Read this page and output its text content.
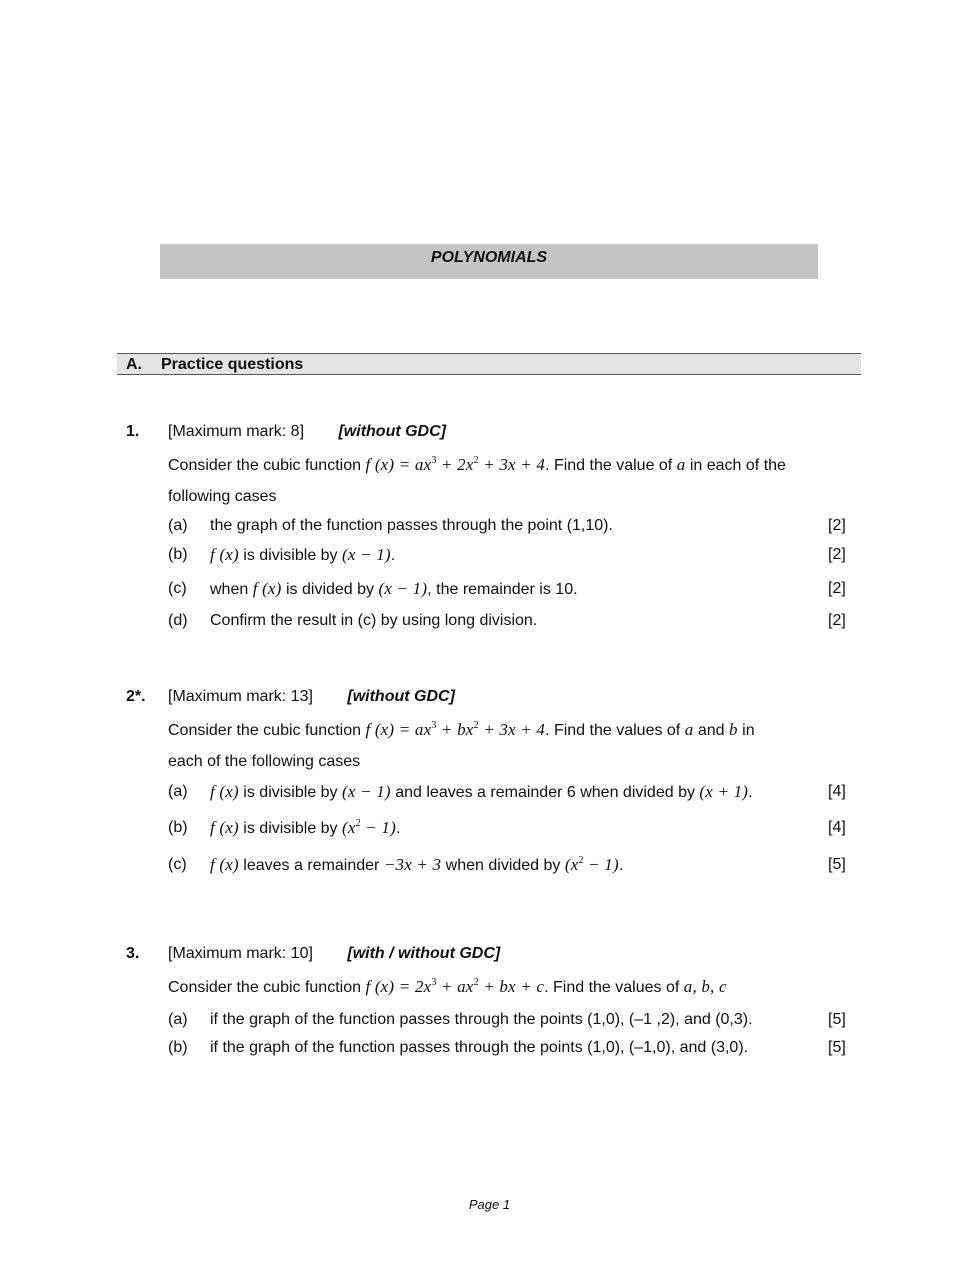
POLYNOMIALS
A. Practice questions
1. [Maximum mark: 8] [without GDC]
Consider the cubic function f $(x) = ax^3 + 2x^2 + 3x + 4$. Find the value of a in each of the
following cases
(a) the graph of the function passes through the point (1,10).	[2]
(b) f (x) is divisible by (x − 1).	[2]
(c) when f (x) is divided by (x − 1), the remainder is 10.	[2]
(d) Confirm the result in (c) by using long division.	[2]
2*. [Maximum mark: 13] [without GDC]
Consider the cubic function f $(x) = ax^3 + bx^2 + 3x + 4$. Find the values of a and b in
each of the following cases
(a) f (x) is divisible by (x − 1) and leaves a remainder 6 when divided by (x + 1).	[4]
(b) f (x) is divisible by $(x^2 - 1)$.	[4]
(c) f (x) leaves a remainder −3x + 3 when divided by $(x^2 - 1)$.	[5]
3. [Maximum mark: 10] [with / without GDC]
Consider the cubic function f $(x) = 2x^3 + ax^2$ + bx + c. Find the values of a, b, c
(a) if the graph of the function passes through the points (1,0), (–1 ,2), and (0,3).	[5]
(b) if the graph of the function passes through the points (1,0), (–1,0), and (3,0).	[5]
Page 1
